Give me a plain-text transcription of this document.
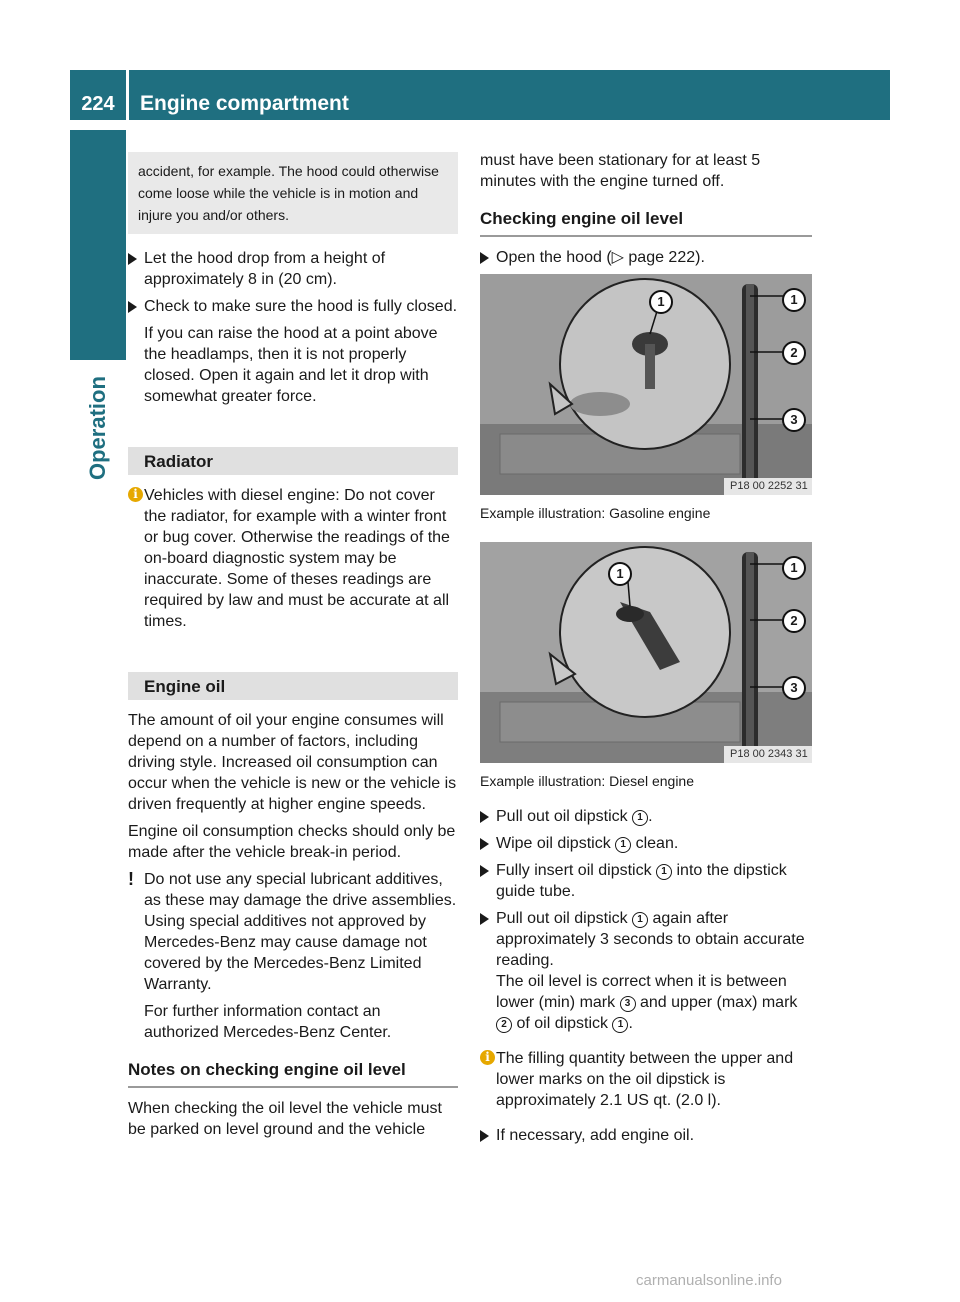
224	Engine compartment
Operation
accident, for example. The hood could otherwise come loose while the vehicle is in motion and injure you and/or others.
Let the hood drop from a height of approximately 8 in (20 cm).
Check to make sure the hood is fully closed.
If you can raise the hood at a point above the headlamps, then it is not properly closed. Open it again and let it drop with somewhat greater force.
Radiator
i Vehicles with diesel engine: Do not cover the radiator, for example with a winter front or bug cover. Otherwise the readings of the on-board diagnostic system may be inaccurate. Some of theses readings are required by law and must be accurate at all times.
Engine oil
The amount of oil your engine consumes will depend on a number of factors, including driving style. Increased oil consumption can occur when the vehicle is new or the vehicle is driven frequently at higher engine speeds.
Engine oil consumption checks should only be made after the vehicle break-in period.
! Do not use any special lubricant additives, as these may damage the drive assemblies. Using special additives not approved by Mercedes-Benz may cause damage not covered by the Mercedes-Benz Limited Warranty.
For further information contact an authorized Mercedes-Benz Center.
Notes on checking engine oil level
When checking the oil level the vehicle must be parked on level ground and the vehicle
must have been stationary for at least 5 minutes with the engine turned off.
Checking engine oil level
Open the hood (▷ page 222).
1	1
2
3
P18 00 2252 31
Example illustration: Gasoline engine
1	1
2
3
P18 00 2343 31
Example illustration: Diesel engine
Pull out oil dipstick 1 .
Wipe oil dipstick 1 clean.
Fully insert oil dipstick 1 into the dipstick guide tube.
Pull out oil dipstick 1 again after approximately 3 seconds to obtain accurate reading.
The oil level is correct when it is between lower (min) mark 3 and upper (max) mark 2 of oil dipstick 1 .
i The filling quantity between the upper and lower marks on the oil dipstick is approximately 2.1 US qt. (2.0 l).
If necessary, add engine oil.
carmanualsonline.info
